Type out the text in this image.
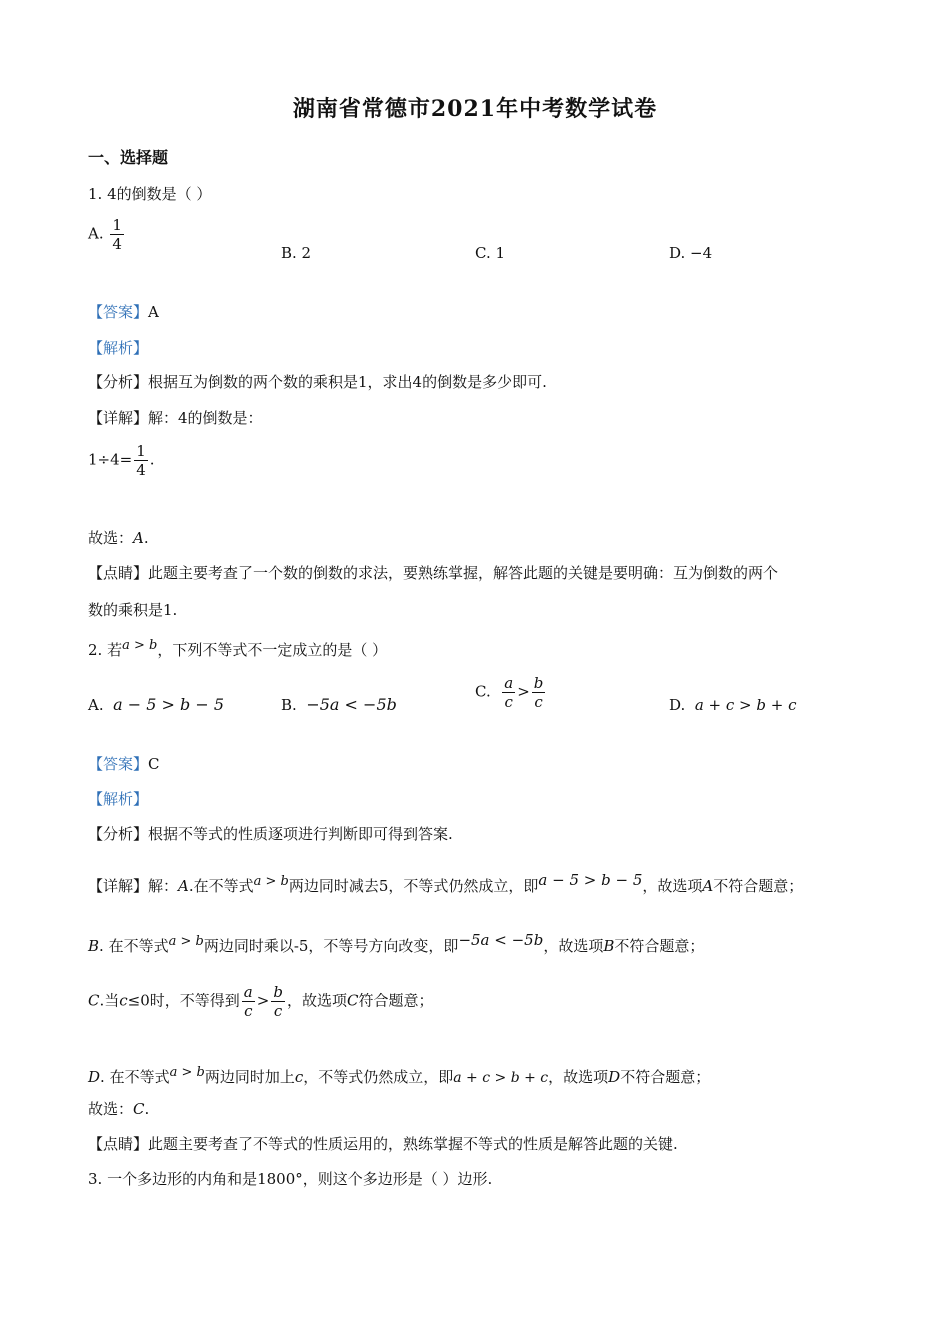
湖南省常德市2021年中考数学试卷
一、选择题
1. 4的倒数是（ ）
A. $\frac{1}{4}$	B. 2	C. 1	D. −4
【答案】A
【解析】
【分析】根据互为倒数的两个数的乘积是1，求出4的倒数是多少即可.
【详解】解：4的倒数是：
$1\div 4= \frac{1}{4}$ .
故选：A.
【点睛】此题主要考查了一个数的倒数的求法，要熟练掌握，解答此题的关键是要明确：互为倒数的两个
数的乘积是1.
2. 若a > b，下列不等式不一定成立的是（ ）
A. a − 5 > b − 5	B. −5a < −5b
C. $\frac{a}{c} > \frac{b}{c}$	D. a + c > b + c
【答案】C
【解析】
【分析】根据不等式的性质逐项进行判断即可得到答案.
【详解】解：A.在不等式a > b两边同时减去5，不等式仍然成立，即a − 5 > b − 5，故选项A不符合题意；
B. 在不等式a > b两边同时乘以-5，不等号方向改变，即−5a < −5b，故选项B不符合题意；
C.当c≤0时，不等得到 $\frac{a}{c} > \frac{b}{c}$ ，故选项C符合题意；
D. 在不等式a > b两边同时加上c，不等式仍然成立，即a + c > b + c，故选项D不符合题意；
故选：C.
【点睛】此题主要考查了不等式的性质运用的，熟练掌握不等式的性质是解答此题的关键.
3. 一个多边形的内角和是1800°，则这个多边形是（ ）边形.
